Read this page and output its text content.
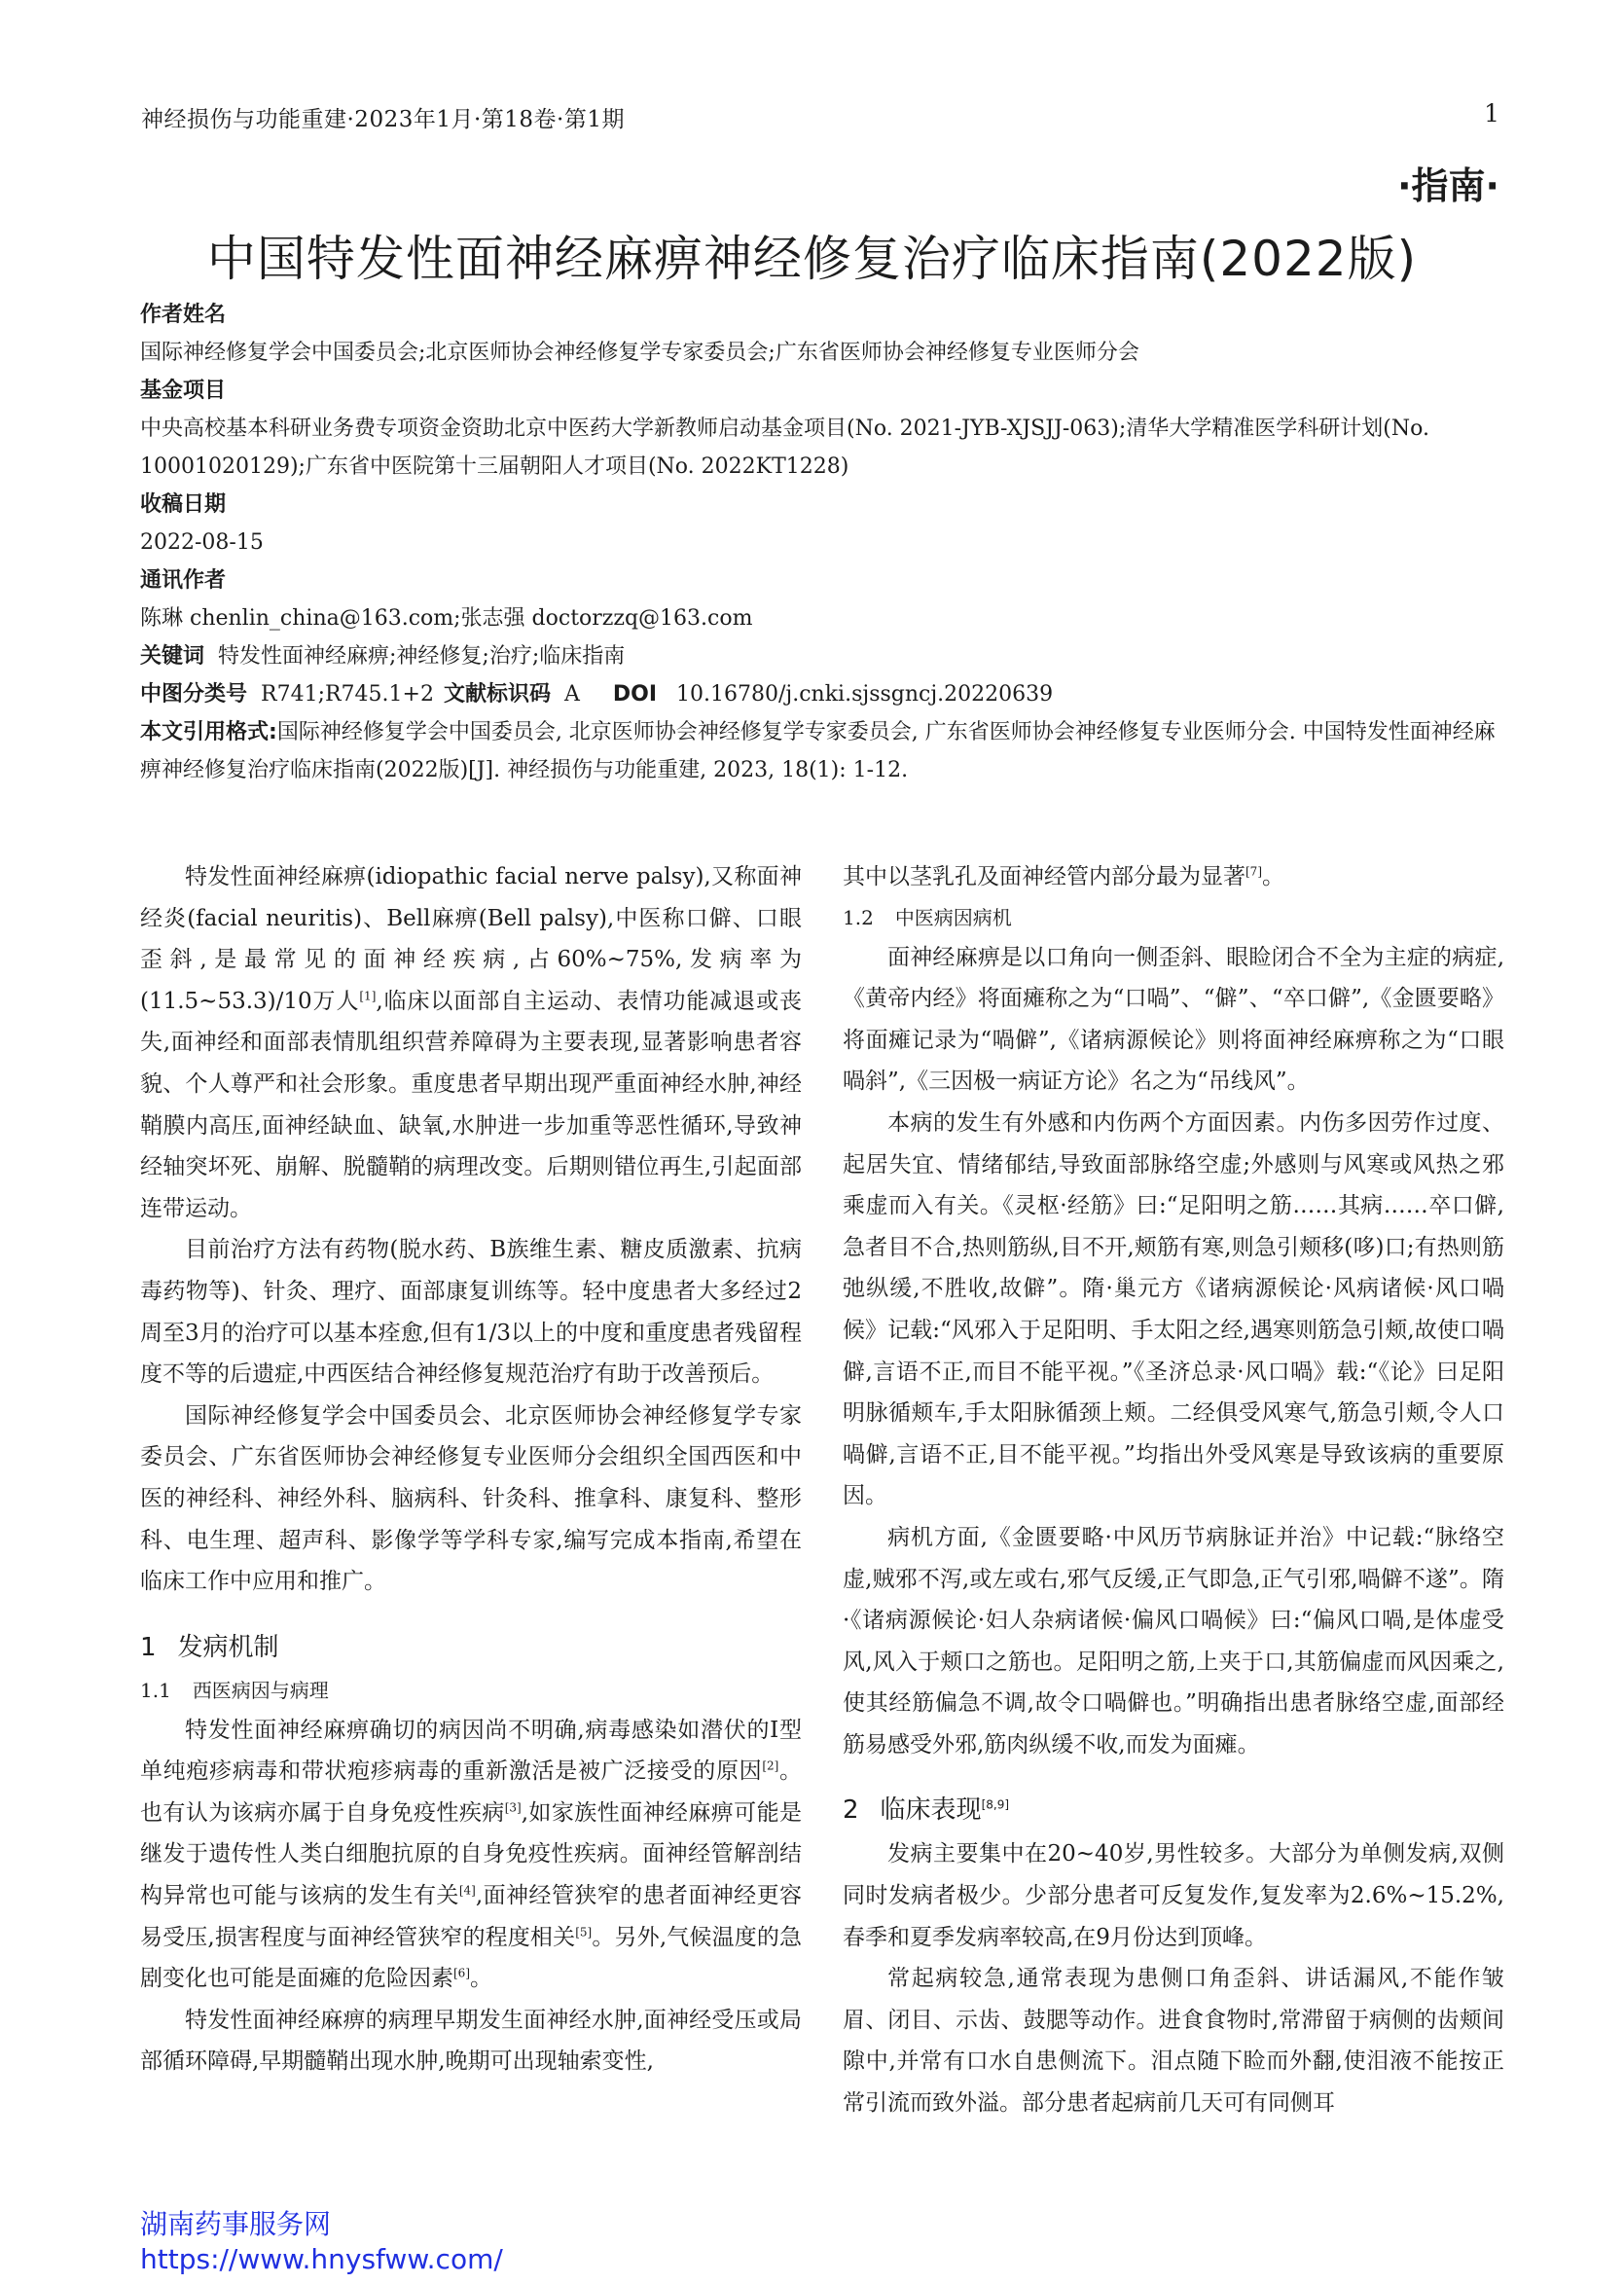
神经损伤与功能重建·2023年1月·第18卷·第1期	1
·指南·
中国特发性面神经麻痹神经修复治疗临床指南(2022版)
作者姓名
国际神经修复学会中国委员会;北京医师协会神经修复学专家委员会;广东省医师协会神经修复专业医师分会
基金项目
中央高校基本科研业务费专项资金资助北京中医药大学新教师启动基金项目(No. 2021-JYB-XJSJJ-063);清华大学精准医学科研计划(No. 10001020129);广东省中医院第十三届朝阳人才项目(No. 2022KT1228)
收稿日期
2022-08-15
通讯作者
陈琳 chenlin_china@163.com;张志强 doctorzzq@163.com
关键词 特发性面神经麻痹;神经修复;治疗;临床指南
中图分类号 R741;R745.1+2 文献标识码 A DOI 10.16780/j.cnki.sjssgncj.20220639
本文引用格式:国际神经修复学会中国委员会, 北京医师协会神经修复学专家委员会, 广东省医师协会神经修复专业医师分会. 中国特发性面神经麻痹神经修复治疗临床指南(2022版)[J]. 神经损伤与功能重建, 2023, 18(1): 1-12.

特发性面神经麻痹(idiopathic facial nerve palsy),又称面神经炎(facial neuritis)、Bell麻痹(Bell palsy),中医称口僻、口眼歪斜,是最常见的面神经疾病,占60%~75%,发病率为(11.5~53.3)/10万人[1],临床以面部自主运动、表情功能减退或丧失,面神经和面部表情肌组织营养障碍为主要表现,显著影响患者容貌、个人尊严和社会形象。重度患者早期出现严重面神经水肿,神经鞘膜内高压,面神经缺血、缺氧,水肿进一步加重等恶性循环,导致神经轴突坏死、崩解、脱髓鞘的病理改变。后期则错位再生,引起面部连带运动。

目前治疗方法有药物(脱水药、B族维生素、糖皮质激素、抗病毒药物等)、针灸、理疗、面部康复训练等。轻中度患者大多经过2周至3月的治疗可以基本痊愈,但有1/3以上的中度和重度患者残留程度不等的后遗症,中西医结合神经修复规范治疗有助于改善预后。

国际神经修复学会中国委员会、北京医师协会神经修复学专家委员会、广东省医师协会神经修复专业医师分会组织全国西医和中医的神经科、神经外科、脑病科、针灸科、推拿科、康复科、整形科、电生理、超声科、影像学等学科专家,编写完成本指南,希望在临床工作中应用和推广。

1 发病机制
1.1 西医病因与病理

特发性面神经麻痹确切的病因尚不明确,病毒感染如潜伏的I型单纯疱疹病毒和带状疱疹病毒的重新激活是被广泛接受的原因[2]。也有认为该病亦属于自身免疫性疾病[3],如家族性面神经麻痹可能是继发于遗传性人类白细胞抗原的自身免疫性疾病。面神经管解剖结构异常也可能与该病的发生有关[4],面神经管狭窄的患者面神经更容易受压,损害程度与面神经管狭窄的程度相关[5]。另外,气候温度的急剧变化也可能是面瘫的危险因素[6]。

特发性面神经麻痹的病理早期发生面神经水肿,面神经受压或局部循环障碍,早期髓鞘出现水肿,晚期可出现轴索变性,

其中以茎乳孔及面神经管内部分最为显著[7]。

1.2 中医病因病机

面神经麻痹是以口角向一侧歪斜、眼睑闭合不全为主症的病症,《黄帝内经》将面瘫称之为“口喎”、“僻”、“卒口僻”,《金匮要略》将面瘫记录为“喎僻”,《诸病源候论》则将面神经麻痹称之为“口眼喎斜”,《三因极一病证方论》名之为“吊线风”。

本病的发生有外感和内伤两个方面因素。内伤多因劳作过度、起居失宜、情绪郁结,导致面部脉络空虚;外感则与风寒或风热之邪乘虚而入有关。《灵枢·经筋》曰:“足阳明之筋……其病……卒口僻,急者目不合,热则筋纵,目不开,颊筋有寒,则急引颊移(哆)口;有热则筋弛纵缓,不胜收,故僻”。隋·巢元方《诸病源候论·风病诸候·风口喎候》记载:“风邪入于足阳明、手太阳之经,遇寒则筋急引颊,故使口喎僻,言语不正,而目不能平视。”《圣济总录·风口喎》载:“《论》曰足阳明脉循颊车,手太阳脉循颈上颊。二经俱受风寒气,筋急引颊,令人口喎僻,言语不正,目不能平视。”均指出外受风寒是导致该病的重要原因。

病机方面,《金匮要略·中风历节病脉证并治》中记载:“脉络空虚,贼邪不泻,或左或右,邪气反缓,正气即急,正气引邪,喎僻不遂”。隋·《诸病源候论·妇人杂病诸候·偏风口喎候》曰:“偏风口喎,是体虚受风,风入于颊口之筋也。足阳明之筋,上夹于口,其筋偏虚而风因乘之,使其经筋偏急不调,故令口喎僻也。”明确指出患者脉络空虚,面部经筋易感受外邪,筋肉纵缓不收,而发为面瘫。

2 临床表现[8,9]

发病主要集中在20~40岁,男性较多。大部分为单侧发病,双侧同时发病者极少。少部分患者可反复发作,复发率为2.6%~15.2%,春季和夏季发病率较高,在9月份达到顶峰。

常起病较急,通常表现为患侧口角歪斜、讲话漏风,不能作皱眉、闭目、示齿、鼓腮等动作。进食食物时,常滞留于病侧的齿颊间隙中,并常有口水自患侧流下。泪点随下睑而外翻,使泪液不能按正常引流而致外溢。部分患者起病前几天可有同侧耳

湖南药事服务网
https://www.hnysfww.com/
